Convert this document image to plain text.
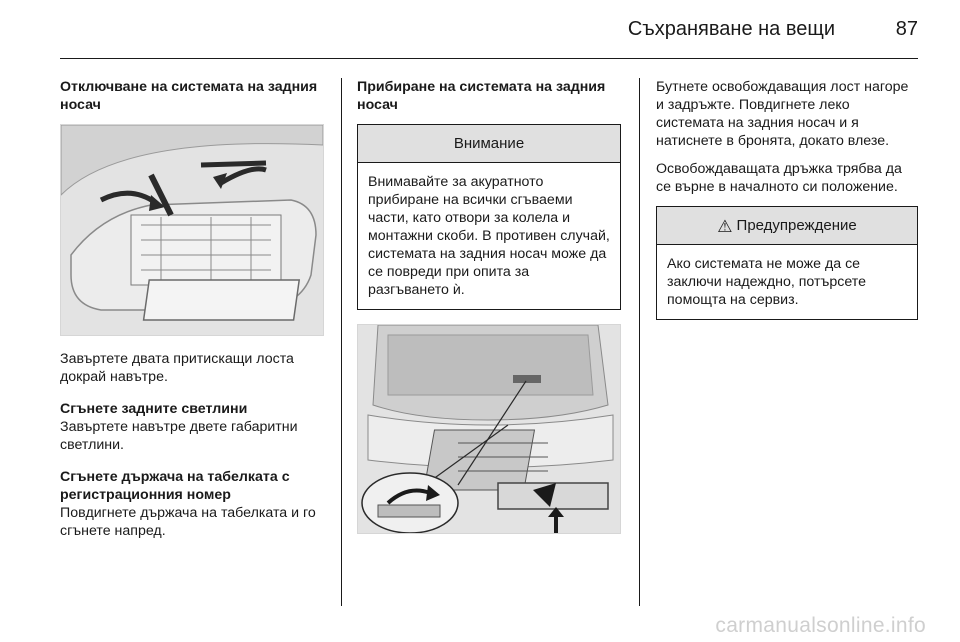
Съхраняване на вещи	87

Отключване на системата на задния носач

Завъртете двата притискащи лоста докрай навътре.

Сгънете задните светлини

Завъртете навътре двете габаритни светлини.

Сгънете държача на табелката с регистрационния номер

Повдигнете държача на табелката и го сгънете напред.

Прибиране на системата на задния носач

Внимание
Внимавайте за акуратното прибиране на всички сгъваеми части, като отвори за колела и монтажни скоби. В противен случай, системата на задния носач може да се повреди при опита за разгъването ѝ.

Бутнете освобождаващия лост нагоре и задръжте. Повдигнете леко системата на задния носач и я натиснете в бронята, докато влезе.

Освобождаващата дръжка трябва да се върне в началното си положение.

⚠ Предупреждение
Ако системата не може да се заключи надеждно, потърсете помощта на сервиз.
carmanualsonline.info
